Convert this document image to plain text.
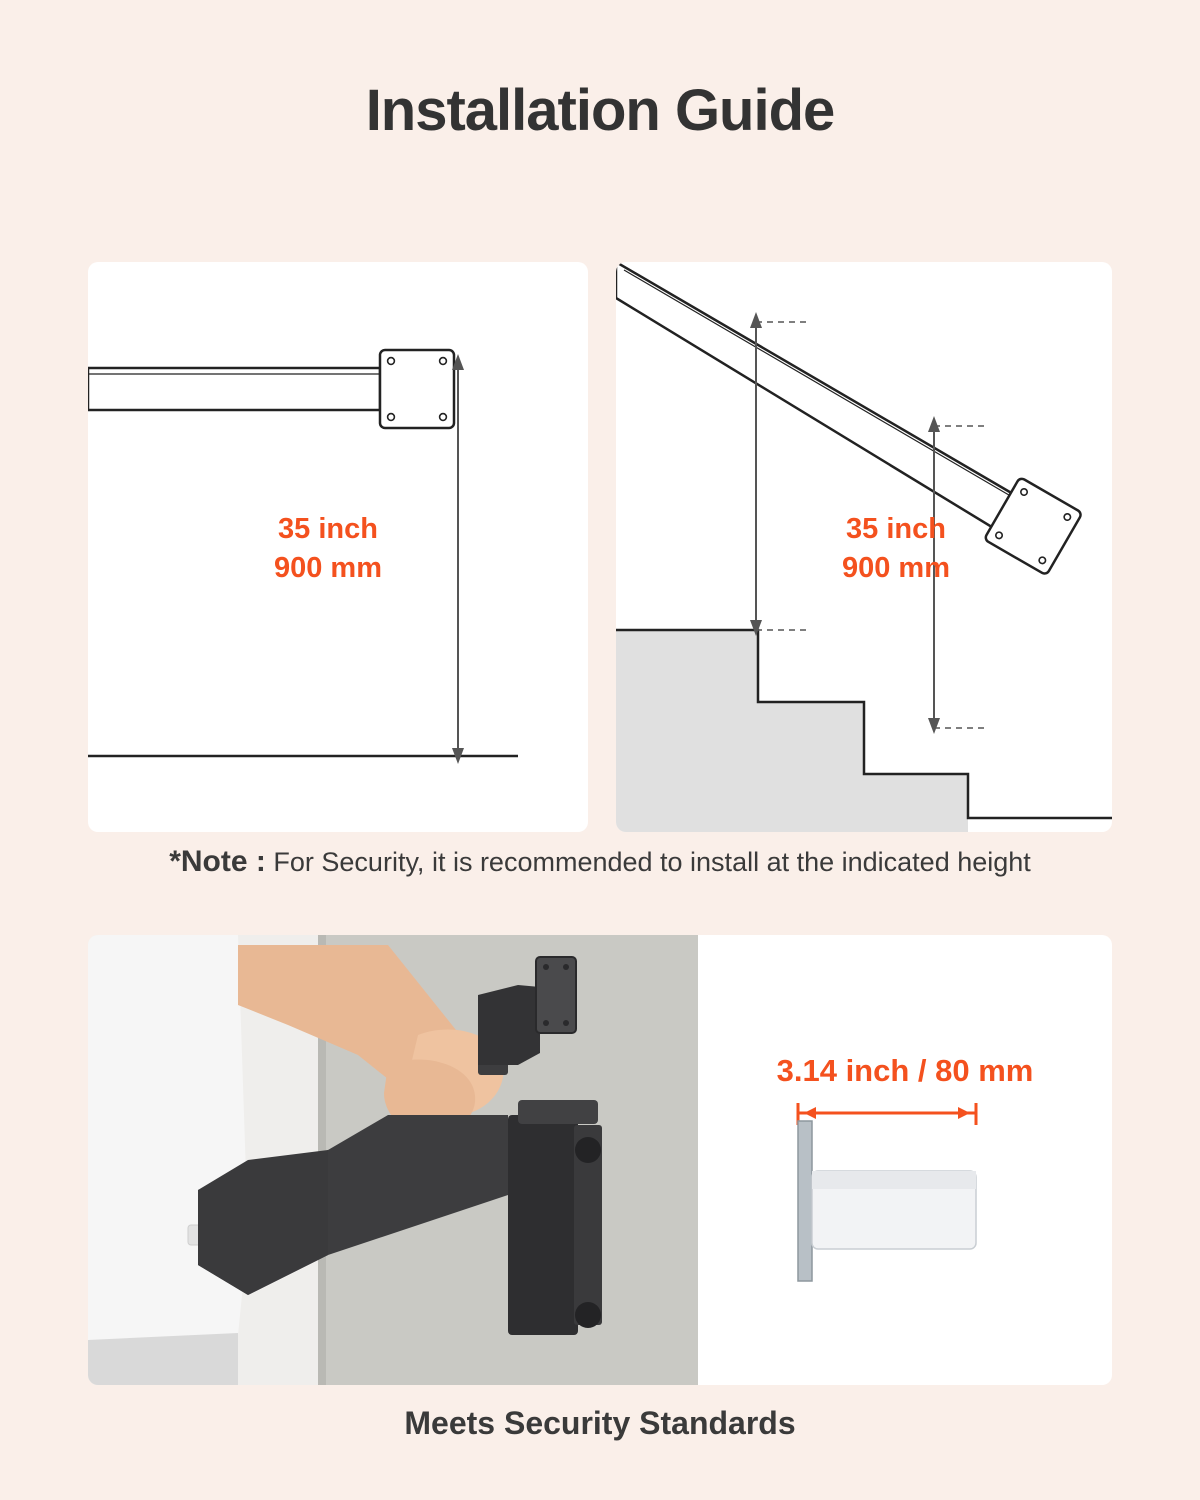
Installation Guide
35 inch
900 mm
35 inch
900 mm
*Note : For Security, it is recommended to install at the indicated height
3.14 inch / 80 mm
Meets Security Standards
